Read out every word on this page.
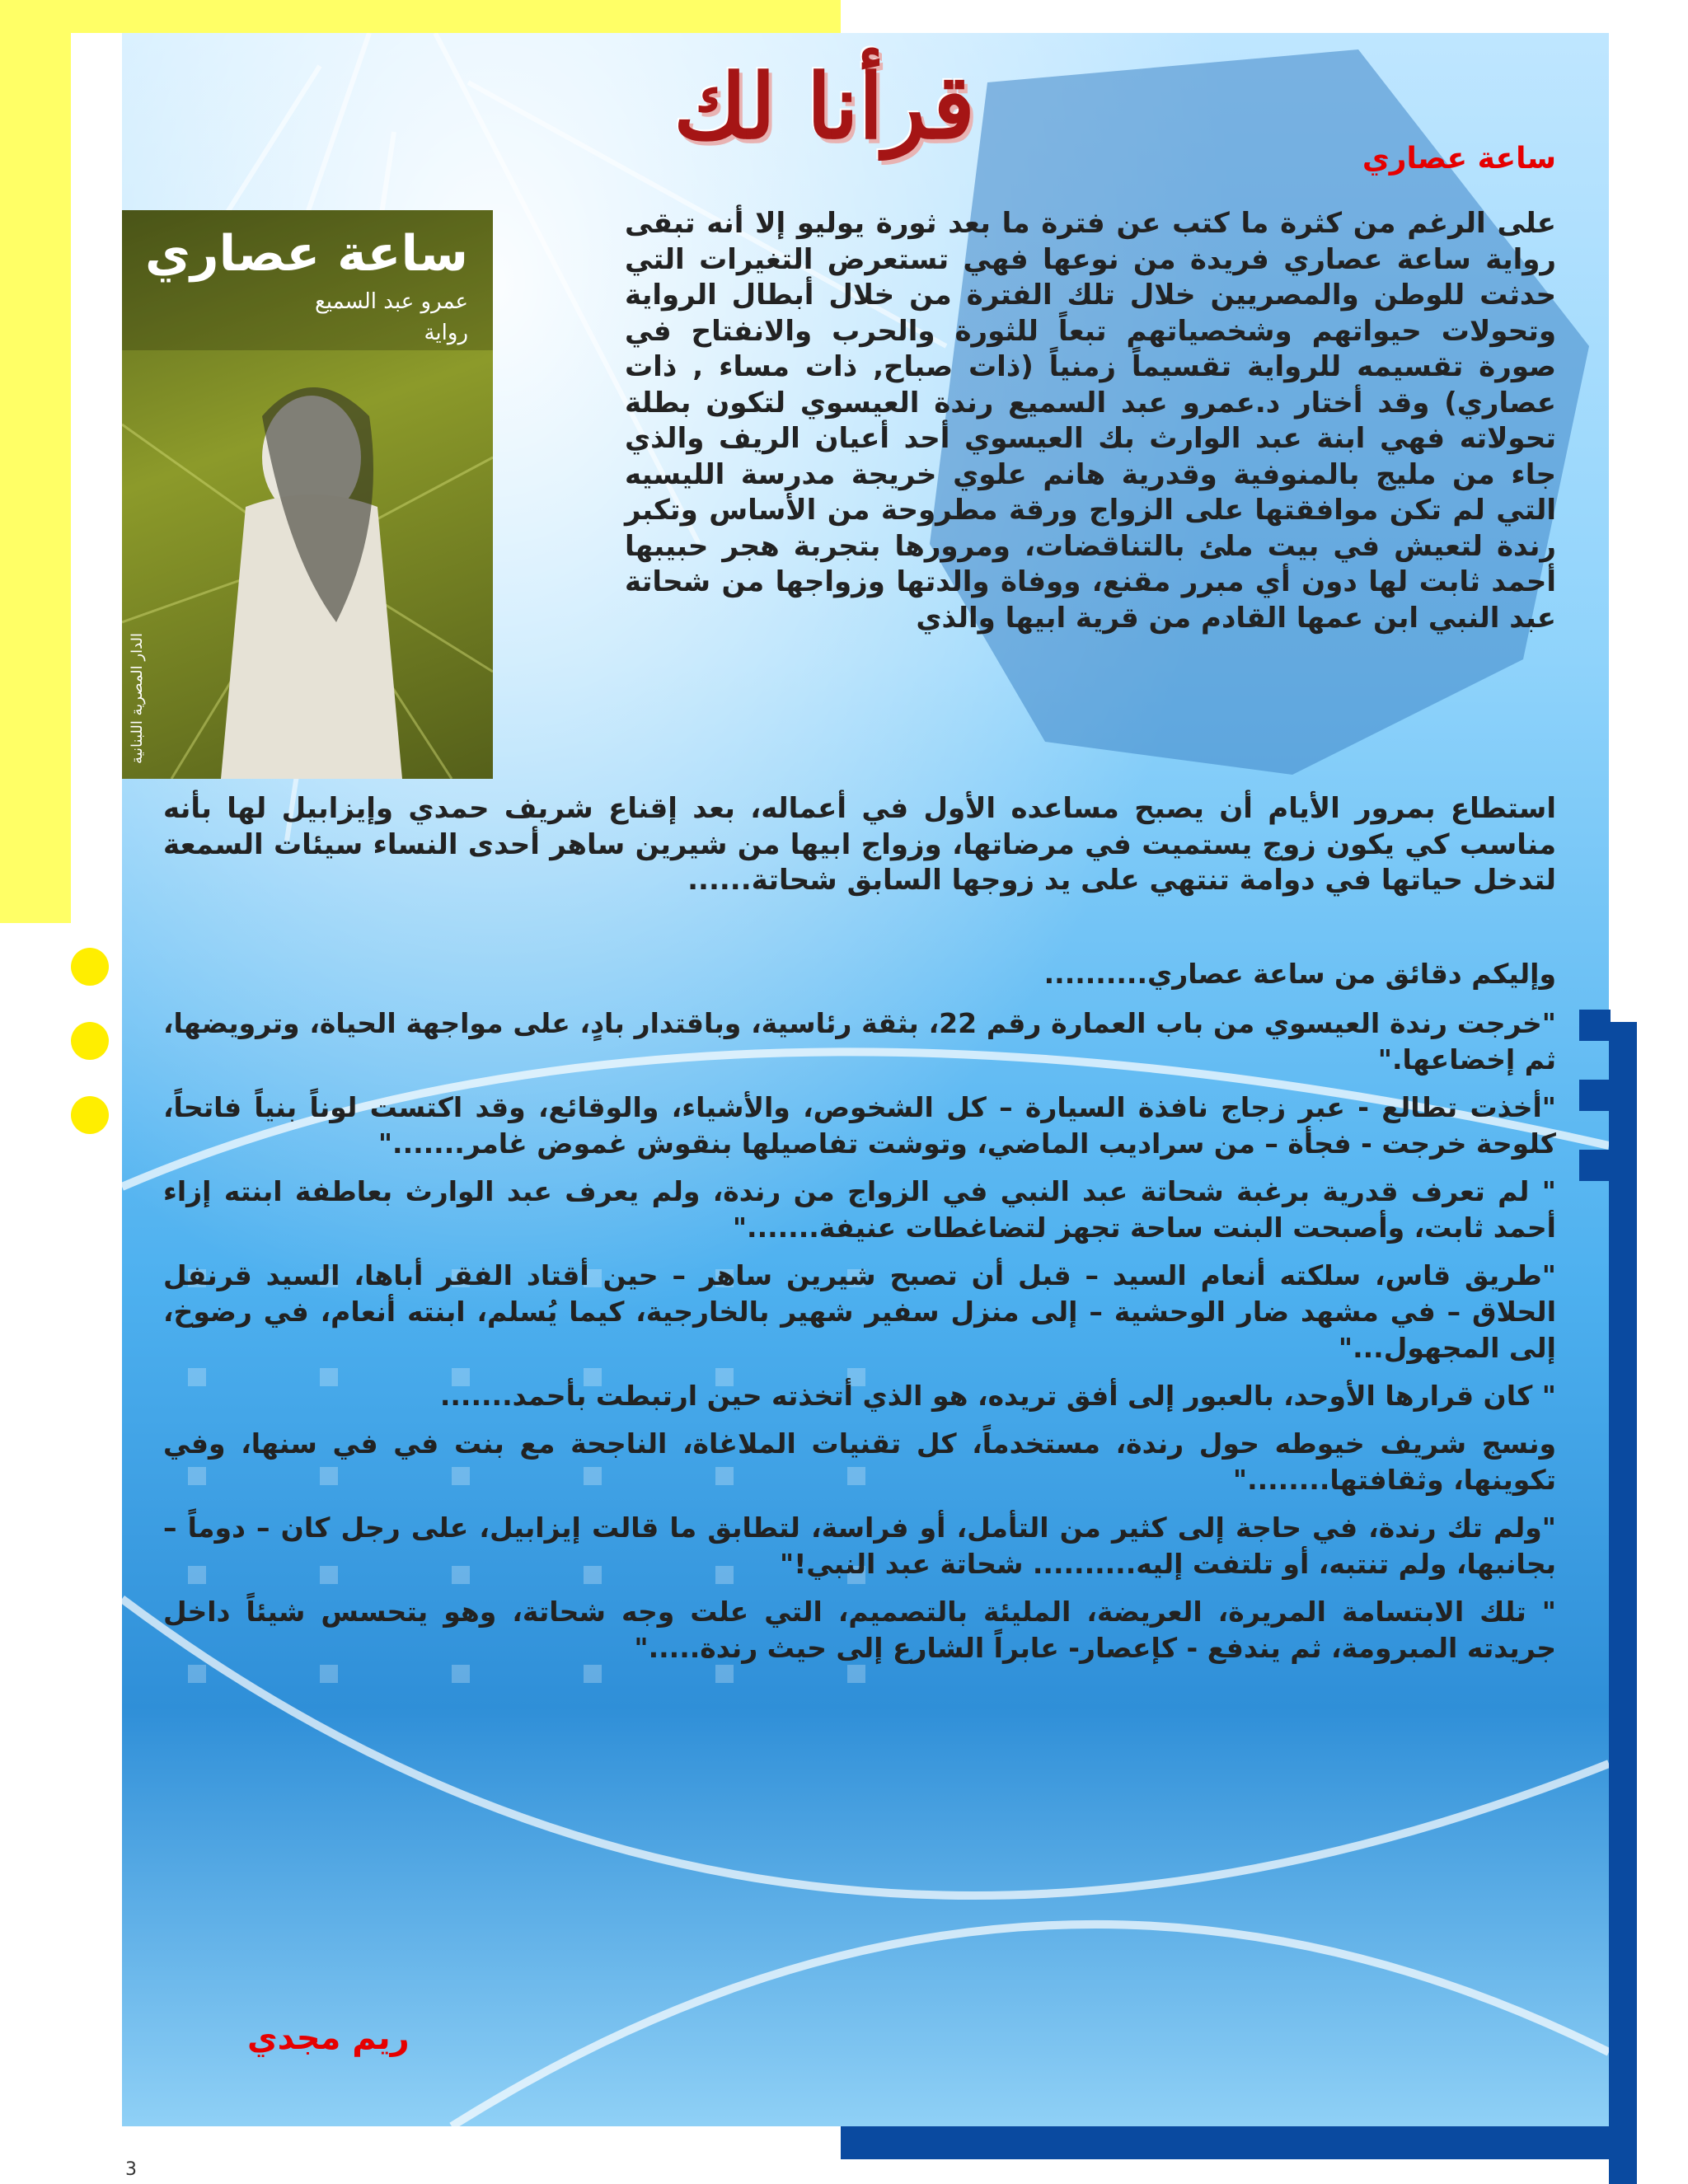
قرأنا لك	ساعة عصاري
ساعة عصاري
عمرو عبد السميع
رواية
الدار المصرية اللبنانية

على الرغم من كثرة ما كتب عن فترة ما بعد ثورة يوليو إلا أنه تبقى رواية ساعة عصاري فريدة من نوعها فهي تستعرض التغيرات التي حدثت للوطن والمصريين خلال تلك الفترة من خلال أبطال الرواية وتحولات حيواتهم وشخصياتهم تبعاً للثورة والحرب والانفتاح في صورة تقسيمه للرواية تقسيماً زمنياً (ذات صباح, ذات مساء , ذات عصاري) وقد أختار د.عمرو عبد السميع رندة العيسوي لتكون بطلة تحولاته فهي ابنة عبد الوارث بك العيسوي أحد أعيان الريف والذي جاء من مليج بالمنوفية وقدرية هانم علوي خريجة مدرسة الليسيه التي لم تكن موافقتها على الزواج ورقة مطروحة من الأساس وتكبر رندة لتعيش في بيت ملئ بالتناقضات، ومرورها بتجربة هجر حبيبها أحمد ثابت لها دون أي مبرر مقنع، ووفاة والدتها وزواجها من شحاتة عبد النبي ابن عمها القادم من قرية ابيها والذي

استطاع بمرور الأيام أن يصبح مساعده الأول في أعماله، بعد إقناع شريف حمدي وإيزابيل لها بأنه مناسب كي يكون زوج يستميت في مرضاتها، وزواج ابيها من شيرين ساهر أحدى النساء سيئات السمعة لتدخل حياتها في دوامة تنتهي على يد زوجها السابق شحاتة......

وإليكم دقائق من ساعة عصاري..........

"خرجت رندة العيسوي من باب العمارة رقم 22، بثقة رئاسية، وباقتدار بادٍ، على مواجهة الحياة، وترويضها، ثم إخضاعها."

"أخذت تطالع - عبر زجاج نافذة السيارة – كل الشخوص، والأشياء، والوقائع، وقد اكتست لوناً بنياً فاتحاً، كلوحة خرجت - فجأة – من سراديب الماضي، وتوشت تفاصيلها بنقوش غموض غامر......."

" لم تعرف قدرية برغبة شحاتة عبد النبي في الزواج من رندة، ولم يعرف عبد الوارث بعاطفة ابنته إزاء أحمد ثابت، وأصبحت البنت ساحة تجهز لتضاغطات عنيفة......."

"طريق قاس، سلكته أنعام السيد – قبل أن تصبح شيرين ساهر – حين أقتاد الفقر أباها، السيد قرنفل الحلاق – في مشهد ضار الوحشية – إلى منزل سفير شهير بالخارجية، كيما يُسلم، ابنته أنعام، في رضوخ، إلى المجهول..."

" كان قرارها الأوحد، بالعبور إلى أفق تريده، هو الذي أتخذته حين ارتبطت بأحمد.......

ونسج شريف خيوطه حول رندة، مستخدماً، كل تقنيات الملاغاة، الناجحة مع بنت في في سنها، وفي تكوينها، وثقافتها........"

"ولم تك رندة، في حاجة إلى كثير من التأمل، أو فراسة، لتطابق ما قالت إيزابيل، على رجل كان – دوماً – بجانبها، ولم تنتبه، أو تلتفت إليه.......... شحاتة عبد النبي!"

" تلك الابتسامة المريرة، العريضة، المليئة بالتصميم، التي علت وجه شحاتة، وهو يتحسس شيئاً داخل جريدته المبرومة، ثم يندفع - كإعصار- عابراً الشارع إلى حيث رندة....."

ريم مجدي
3
